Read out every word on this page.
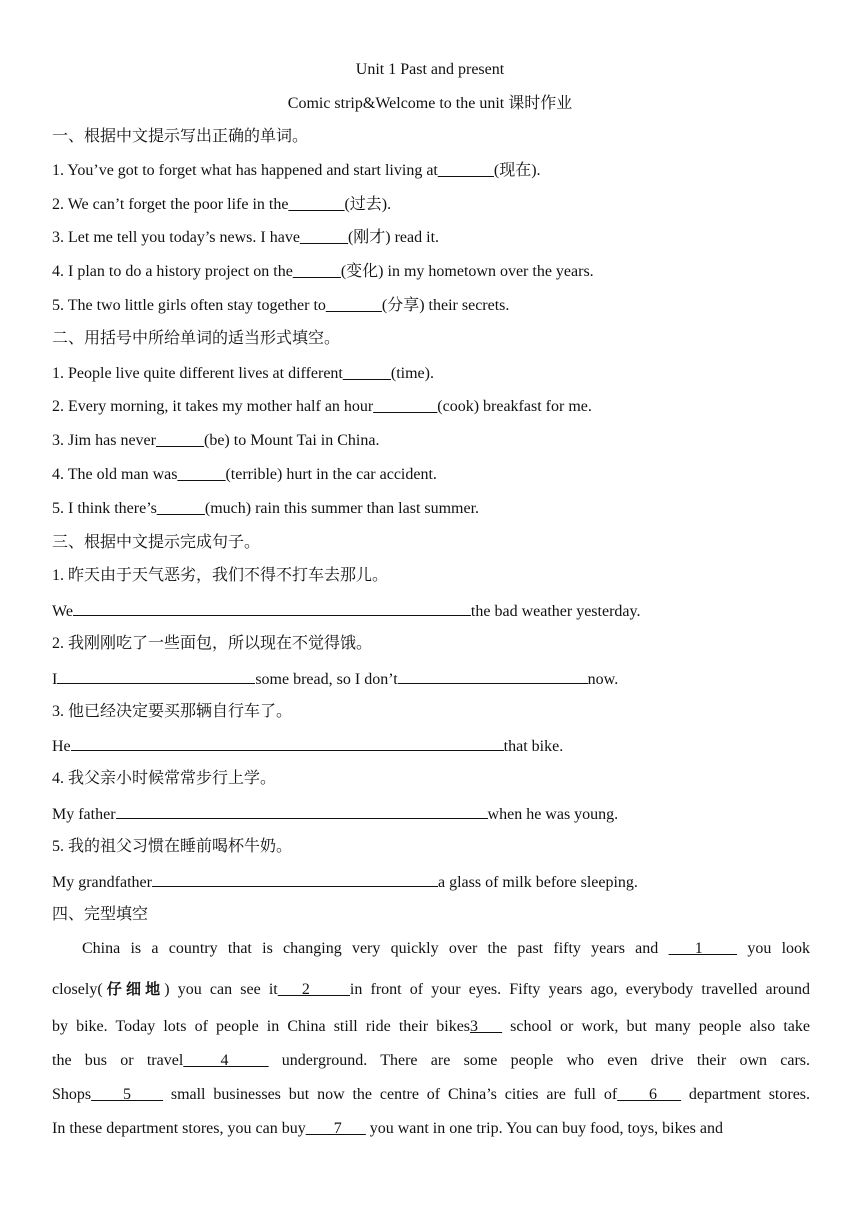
Unit 1 Past and present
Comic strip&Welcome to the unit 课时作业
一、根据中文提示写出正确的单词。
1. You’ve got to forget what has happened and start living at_______(现在).
2. We can’t forget the poor life in the_______(过去).
3. Let me tell you today’s news. I have______(刚才) read it.
4. I plan to do a history project on the______(变化) in my hometown over the years.
5. The two little girls often stay together to_______(分享) their secrets.
二、用括号中所给单词的适当形式填空。
1. People live quite different lives at different______(time).
2. Every morning, it takes my mother half an hour________(cook) breakfast for me.
3. Jim has never______(be) to Mount Tai in China.
4. The old man was______(terrible) hurt in the car accident.
5. I think there’s______(much) rain this summer than last summer.
三、根据中文提示完成句子。
1. 昨天由于天气恶劣，我们不得不打车去那儿。
We	the bad weather yesterday.
2. 我刚刚吃了一些面包，所以现在不觉得饿。
I	some bread, so I don’t	now.
3. 他已经决定要买那辆自行车了。
He	that bike.
4. 我父亲小时候常常步行上学。
My father	when he was young.
5. 我的祖父习惯在睡前喝杯牛奶。
My grandfather	a glass of milk before sleeping.
四、完型填空
China is a country that is changing very quickly over the past fifty years and  __1___  you look
closely(仔细地) you can see it __2_____in front of your eyes. Fifty years ago, everybody travelled around
by bike. Today lots of people in China still ride their bikes3___ school or work, but many people also take
the bus or travel ___4_____ underground. There are some people who even drive their own cars.
Shops ___5____ small businesses but now the centre of China’s cities are full of ___6___ department stores.
In these department stores, you can buy ___7___ you want in one trip. You can buy food, toys, bikes and
